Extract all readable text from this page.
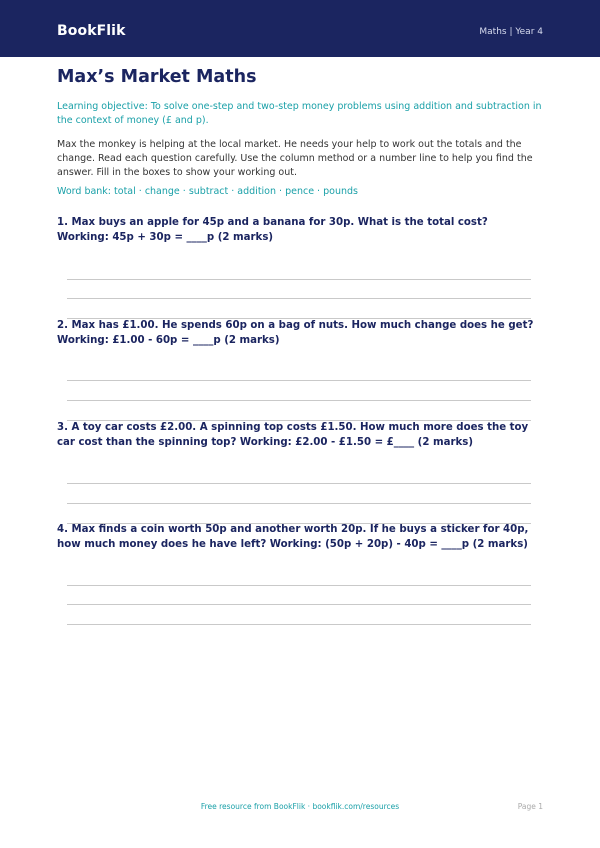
BookFlik	Maths | Year 4
Max’s Market Maths

Learning objective: To solve one-step and two-step money problems using addition and subtraction in the context of money (£ and p).

Max the monkey is helping at the local market. He needs your help to work out the totals and the change. Read each question carefully. Use the column method or a number line to help you find the answer. Fill in the boxes to show your working out.

Word bank: total · change · subtract · addition · pence · pounds

1. Max buys an apple for 45p and a banana for 30p. What is the total cost? Working: 45p + 30p = ____p (2 marks)

2. Max has £1.00. He spends 60p on a bag of nuts. How much change does he get? Working: £1.00 - 60p = ____p (2 marks)

3. A toy car costs £2.00. A spinning top costs £1.50. How much more does the toy car cost than the spinning top? Working: £2.00 - £1.50 = £____ (2 marks)

4. Max finds a coin worth 50p and another worth 20p. If he buys a sticker for 40p, how much money does he have left? Working: (50p + 20p) - 40p = ____p (2 marks)

Free resource from BookFlik · bookflik.com/resources	Page 1
